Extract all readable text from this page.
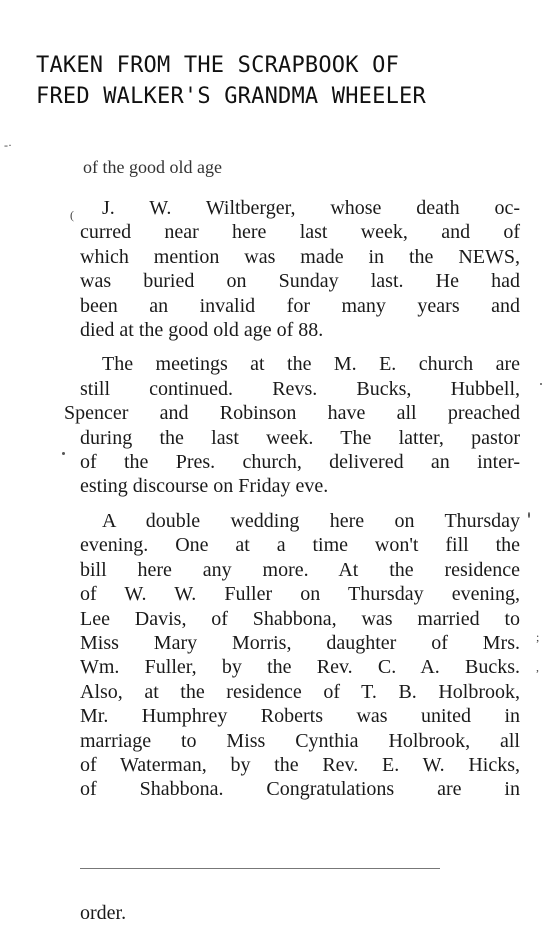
TAKEN FROM THE SCRAPBOOK OF
FRED WALKER'S GRANDMA WHEELER
-·
(
;
,
of the good old age
J. W. Wiltberger, whose death oc-
curred near here last week, and of
which mention was made in the NEWS,
was buried on Sunday last. He had
been an invalid for many years and
died at the good old age of 88.
The meetings at the M. E. church are
still continued. Revs. Bucks, Hubbell,
Spencer and Robinson have all preached
during the last week. The latter, pastor
of the Pres. church, delivered an inter-
esting discourse on Friday eve.
A double wedding here on Thursday
evening. One at a time won't fill the
bill here any more. At the residence
of W. W. Fuller on Thursday evening,
Lee Davis, of Shabbona, was married to
Miss Mary Morris, daughter of Mrs.
Wm. Fuller, by the Rev. C. A. Bucks.
Also, at the residence of T. B. Holbrook,
Mr. Humphrey Roberts was united in
marriage to Miss Cynthia Holbrook, all
of Waterman, by the Rev. E. W. Hicks,
of Shabbona. Congratulations are in

order.
